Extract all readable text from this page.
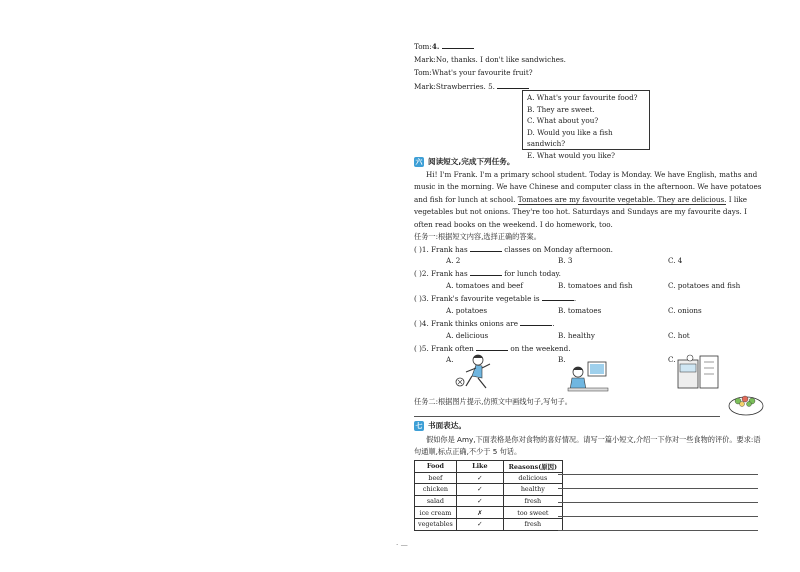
Tom:4.
Mark:No, thanks. I don't like sandwiches.
Tom:What's your favourite fruit?
Mark:Strawberries. 5.
A. What's your favourite food?
B. They are sweet.
C. What about you?
D. Would you like a fish sandwich?
E. What would you like?
六 阅读短文,完成下列任务。
Hi! I'm Frank. I'm a primary school student. Today is Monday. We have English, maths and music in the morning. We have Chinese and computer class in the afternoon. We have potatoes and fish for lunch at school. Tomatoes are my favourite vegetable. They are delicious. I like vegetables but not onions. They're too hot. Saturdays and Sundays are my favourite days. I often read books on the weekend. I do homework, too.
任务一:根据短文内容,选择正确的答案。
( )1. Frank has	classes on Monday afternoon.
A. 2	B. 3	C. 4
( )2. Frank has	for lunch today.
A. tomatoes and beef	B. tomatoes and fish	C. potatoes and fish
( )3. Frank's favourite vegetable is	.
A. potatoes	B. tomatoes	C. onions
( )4. Frank thinks onions are	.
A. delicious	B. healthy	C. hot
( )5. Frank often	on the weekend.
A.	B.	C.
任务二:根据图片提示,仿照文中画线句子,写句子。
七 书面表达。
假如你是 Amy,下面表格是你对食物的喜好情况。请写一篇小短文,介绍一下你对一些食物的评价。要求:语句通顺,标点正确,不少于 5 句话。
Food	Like	Reasons(原因)
beef	✓	delicious
chicken	✓	healthy
salad	✓	fresh
ice cream	✗	too sweet
vegetables	✓	fresh
· —
